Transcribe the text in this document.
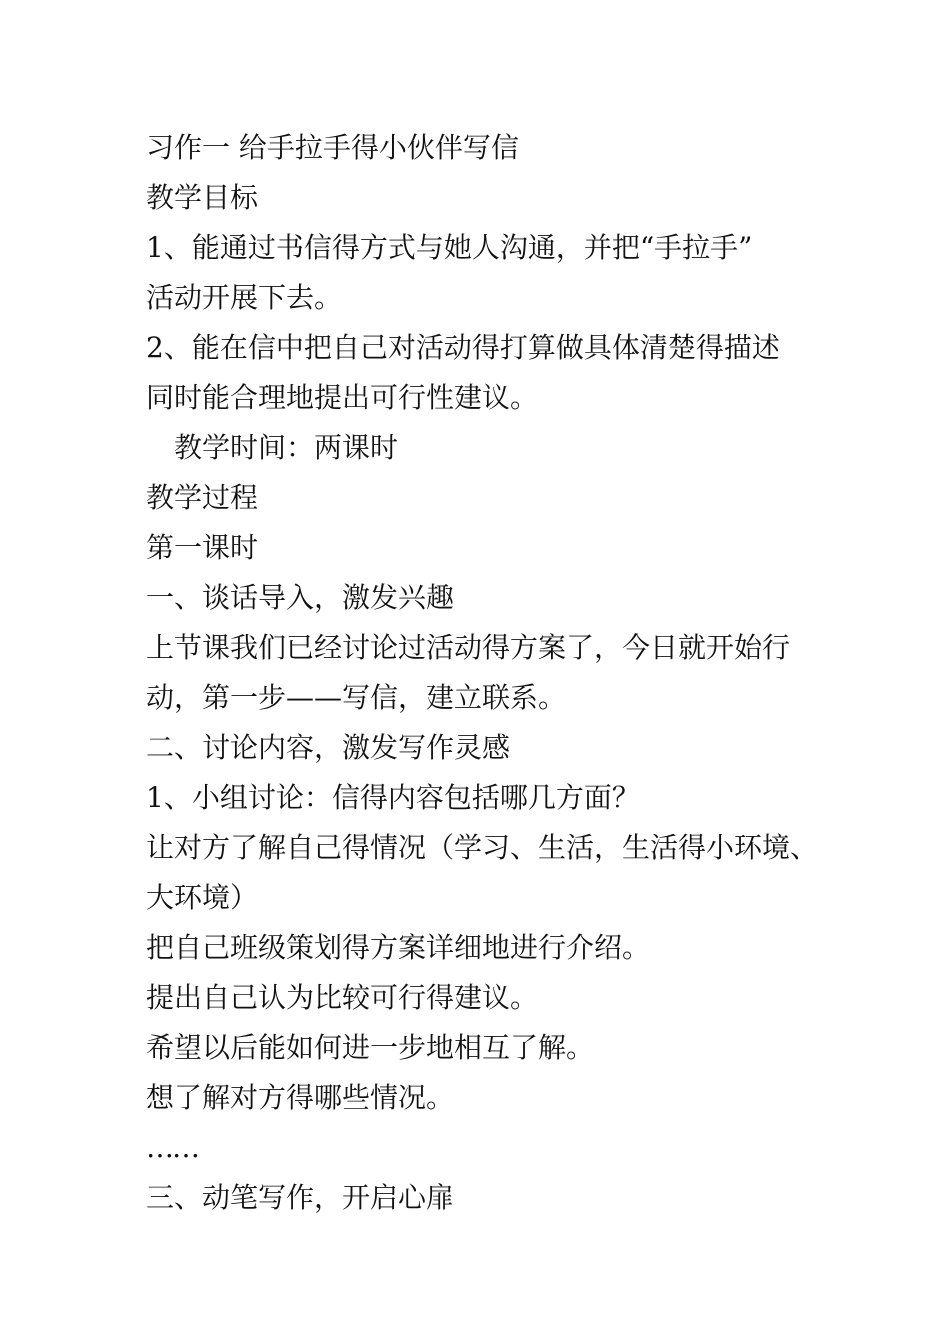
习作一 给手拉手得小伙伴写信
教学目标
1、能通过书信得方式与她人沟通，并把“手拉手”
活动开展下去。
2、能在信中把自己对活动得打算做具体清楚得描述
同时能合理地提出可行性建议。
教学时间：两课时
教学过程
第一课时
一、谈话导入，激发兴趣
上节课我们已经讨论过活动得方案了，今日就开始行
动，第一步——写信，建立联系。
二、讨论内容，激发写作灵感
1、小组讨论：信得内容包括哪几方面？
让对方了解自己得情况（学习、生活，生活得小环境、
大环境）
把自己班级策划得方案详细地进行介绍。
提出自己认为比较可行得建议。
希望以后能如何进一步地相互了解。
想了解对方得哪些情况。
……
三、动笔写作，开启心扉
